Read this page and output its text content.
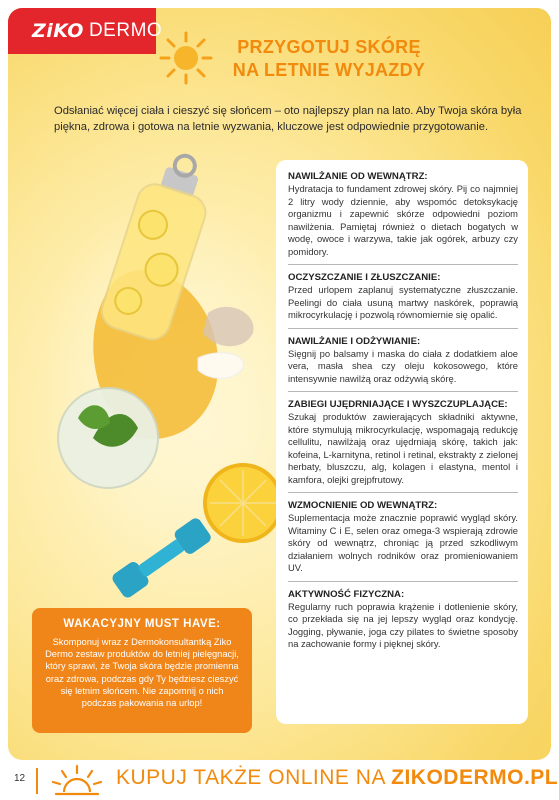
ZiKO DERMO
PRZYGOTUJ SKÓRĘ
NA LETNIE WYJAZDY

Odsłaniać więcej ciała i cieszyć się słońcem – oto najlepszy plan na lato. Aby Twoja skóra była piękna, zdrowa i gotowa na letnie wyzwania, kluczowe jest odpowiednie przygotowanie.

NAWILŻANIE OD WEWNĄTRZ:

Hydratacja to fundament zdrowej skóry. Pij co najmniej 2 litry wody dziennie, aby wspomóc detoksykację organizmu i zapewnić skórze odpowiedni poziom nawilżenia. Pamiętaj również o dietach bogatych w wodę, owoce i warzywa, takie jak ogórek, arbuzy czy pomidory.

OCZYSZCZANIE I ZŁUSZCZANIE:

Przed urlopem zaplanuj systematyczne złuszczanie. Peelingi do ciała usuną martwy naskórek, poprawią mikrocyrkulację i pozwolą równomiernie się opalić.

NAWILŻANIE I ODŻYWIANIE:

Sięgnij po balsamy i maska do ciała z dodatkiem aloe vera, masła shea czy oleju kokosowego, które intensywnie nawilżą oraz odżywią skórę.

ZABIEGI UJĘDRNIAJĄCE I WYSZCZUPLAJĄCE:

Szukaj produktów zawierających składniki aktywne, które stymulują mikrocyrkulację, wspomagają redukcję cellulitu, nawilżają oraz ujędrniają skórę, takich jak: kofeina, L-karnityna, retinol i retinal, ekstrakty z zielonej herbaty, bluszczu, alg, kolagen i elastyna, mentol i kamfora, olejki grejpfrutowy.

WZMOCNIENIE OD WEWNĄTRZ:

Suplementacja może znacznie poprawić wygląd skóry. Witaminy C i E, selen oraz omega-3 wspierają zdrowie skóry od wewnątrz, chroniąc ją przed szkodliwym działaniem wolnych rodników oraz promieniowaniem UV.

AKTYWNOŚĆ FIZYCZNA:

Regularny ruch poprawia krążenie i dotlenienie skóry, co przekłada się na jej lepszy wygląd oraz kondycję. Jogging, pływanie, joga czy pilates to świetne sposoby na zachowanie formy i pięknej skóry.

WAKACYJNY MUST HAVE:

Skomponuj wraz z Dermokonsultantką Ziko Dermo zestaw produktów do letniej pielęgnacji, który sprawi, że Twoja skóra będzie promienna oraz zdrowa, podczas gdy Ty będziesz cieszyć się letnim słońcem. Nie zapomnij o nich podczas pakowania na urlop!

12	KUPUJ TAKŻE ONLINE NA ZIKODERMO.PL
